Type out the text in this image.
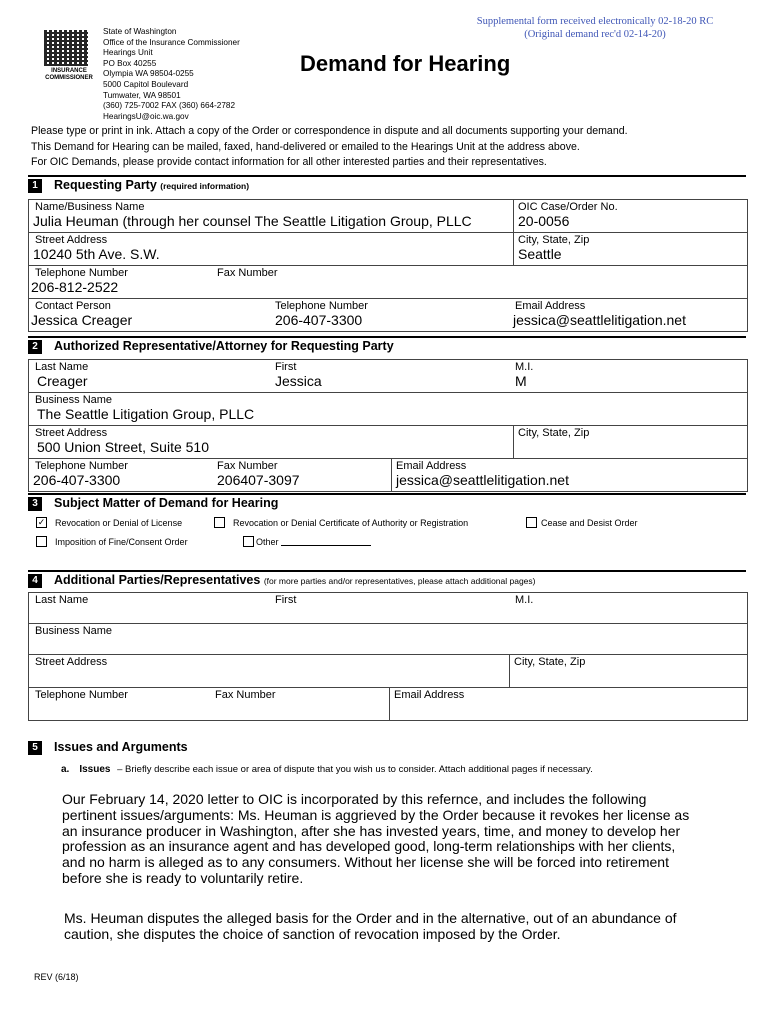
INSURANCE COMMISSIONER
State of Washington
Office of the Insurance Commissioner
Hearings Unit
PO Box 40255
Olympia WA 98504-0255
5000 Capitol Boulevard
Tumwater, WA 98501
(360) 725-7002 FAX (360) 664-2782
HearingsU@oic.wa.gov
Demand for Hearing
Supplemental form received electronically 02-18-20 RC
(Original demand rec'd 02-14-20)
Please type or print in ink. Attach a copy of the Order or correspondence in dispute and all documents supporting your demand.
This Demand for Hearing can be mailed, faxed, hand-delivered or emailed to the Hearings Unit at the address above.
For OIC Demands, please provide contact information for all other interested parties and their representatives.
1	Requesting Party (required information)
Name/Business Name
Julia Heuman (through her counsel The Seattle Litigation Group, PLLC
OIC Case/Order No.
20-0056
Street Address
10240 5th Ave. S.W.
City, State, Zip
Seattle
Telephone Number
206-812-2522
Fax Number
Contact Person
Jessica Creager
Telephone Number
206-407-3300
Email Address
jessica@seattlelitigation.net
2	Authorized Representative/Attorney for Requesting Party
Last Name
Creager
First
Jessica
M.I.
M
Business Name
The Seattle Litigation Group, PLLC
Street Address
500 Union Street, Suite 510
City, State, Zip
Telephone Number
206-407-3300
Fax Number
206407-3097
Email Address
jessica@seattlelitigation.net
3	Subject Matter of Demand for Hearing
✓ Revocation or Denial of License	Revocation or Denial Certificate of Authority or Registration	Cease and Desist Order
Imposition of Fine/Consent Order	Other
4	Additional Parties/Representatives (for more parties and/or representatives, please attach additional pages)
Last Name	First	M.I.
Business Name
Street Address	City, State, Zip
Telephone Number	Fax Number	Email Address
5	Issues and Arguments
a. Issues – Briefly describe each issue or area of dispute that you wish us to consider. Attach additional pages if necessary.
Our February 14, 2020 letter to OIC is incorporated by this refernce, and includes the following pertinent issues/arguments: Ms. Heuman is aggrieved by the Order because it revokes her license as an insurance producer in Washington, after she has invested years, time, and money to develop her profession as an insurance agent and has developed good, long-term relationships with her clients, and no harm is alleged as to any consumers. Without her license she will be forced into retirement before she is ready to voluntarily retire.
Ms. Heuman disputes the alleged basis for the Order and in the alternative, out of an abundance of caution, she disputes the choice of sanction of revocation imposed by the Order.
REV (6/18)
